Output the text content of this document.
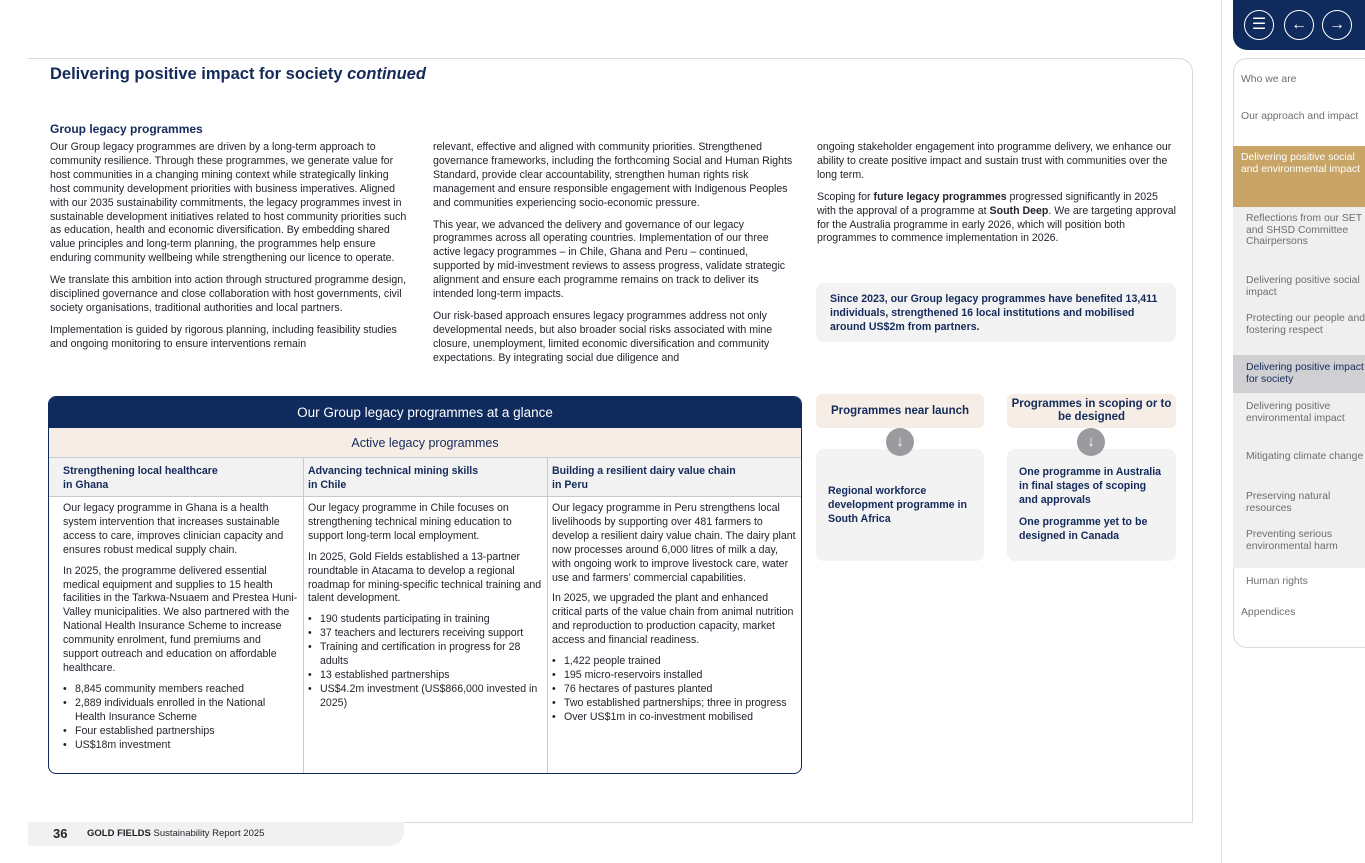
Delivering positive impact for society continued
Group legacy programmes

Our Group legacy programmes are driven by a long-term approach to community resilience. Through these programmes, we generate value for host communities in a changing mining context while strategically linking host community development priorities with business imperatives. Aligned with our 2035 sustainability commitments, the legacy programmes invest in sustainable development initiatives related to host community priorities such as education, health and economic diversification. By embedding shared value principles and long-term planning, the programmes help ensure enduring community wellbeing while strengthening our licence to operate.

We translate this ambition into action through structured programme design, disciplined governance and close collaboration with host governments, civil society organisations, traditional authorities and local partners.

Implementation is guided by rigorous planning, including feasibility studies and ongoing monitoring to ensure interventions remain

relevant, effective and aligned with community priorities. Strengthened governance frameworks, including the forthcoming Social and Human Rights Standard, provide clear accountability, strengthen human rights risk management and ensure responsible engagement with Indigenous Peoples and communities experiencing socio-economic pressure.

This year, we advanced the delivery and governance of our legacy programmes across all operating countries. Implementation of our three active legacy programmes – in Chile, Ghana and Peru – continued, supported by mid-investment reviews to assess progress, validate strategic alignment and ensure each programme remains on track to deliver its intended long-term impacts.

Our risk-based approach ensures legacy programmes address not only developmental needs, but also broader social risks associated with mine closure, unemployment, limited economic diversification and community expectations. By integrating social due diligence and

ongoing stakeholder engagement into programme delivery, we enhance our ability to create positive impact and sustain trust with communities over the long term.

Scoping for future legacy programmes progressed significantly in 2025 with the approval of a programme at South Deep. We are targeting approval for the Australia programme in early 2026, which will position both programmes to commence implementation in 2026.

Since 2023, our Group legacy programmes have benefited 13,411 individuals, strengthened 16 local institutions and mobilised around US$2m from partners.
Our Group legacy programmes at a glance
Active legacy programmes
Strengthening local healthcare
in Ghana

Our legacy programme in Ghana is a health system intervention that increases sustainable access to care, improves clinician capacity and ensures robust medical supply chain.

In 2025, the programme delivered essential medical equipment and supplies to 15 health facilities in the Tarkwa-Nsuaem and Prestea Huni-Valley municipalities. We also partnered with the National Health Insurance Scheme to increase community enrolment, fund premiums and support outreach and education on affordable healthcare.

• 8,845 community members reached
• 2,889 individuals enrolled in the National Health Insurance Scheme
• Four established partnerships
• US$18m investment
Advancing technical mining skills
in Chile

Our legacy programme in Chile focuses on strengthening technical mining education to support long-term local employment.

In 2025, Gold Fields established a 13-partner roundtable in Atacama to develop a regional roadmap for mining-specific technical training and talent development.

• 190 students participating in training
• 37 teachers and lecturers receiving support
• Training and certification in progress for 28 adults
• 13 established partnerships
• US$4.2m investment (US$866,000 invested in 2025)
Building a resilient dairy value chain
in Peru

Our legacy programme in Peru strengthens local livelihoods by supporting over 481 farmers to develop a resilient dairy value chain. The dairy plant now processes around 6,000 litres of milk a day, with ongoing work to improve livestock care, water use and farmers’ commercial capabilities.

In 2025, we upgraded the plant and enhanced critical parts of the value chain from animal nutrition and reproduction to production capacity, market access and financial readiness.

• 1,422 people trained
• 195 micro-reservoirs installed
• 76 hectares of pastures planted
• Two established partnerships; three in progress
• Over US$1m in co-investment mobilised
Programmes near launch
Programmes in scoping or to be designed
Regional workforce development programme in South Africa

One programme in Australia in final stages of scoping and approvals

One programme yet to be designed in Canada

↓	↓
36 GOLD FIELDS Sustainability Report 2025
☰	←	→
Who we are
Our approach and impact
Delivering positive social and environmental impact
Reflections from our SET and SHSD Committee Chairpersons
Delivering positive social impact
Protecting our people and fostering respect
Delivering positive impact for society
Delivering positive environmental impact
Mitigating climate change
Preserving natural resources
Preventing serious environmental harm
Human rights
Appendices
